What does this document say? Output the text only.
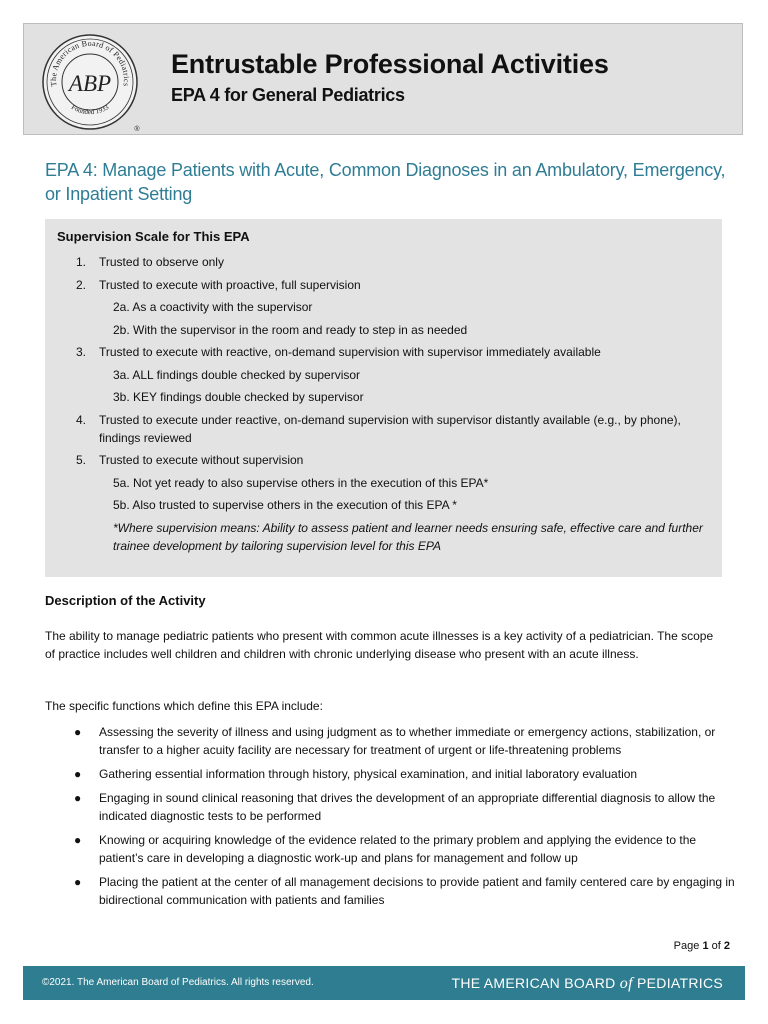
The American Board of Pediatrics
Founded 1933
ABP
®
Entrustable Professional Activities
EPA 4 for General Pediatrics
EPA 4: Manage Patients with Acute, Common Diagnoses in an Ambulatory, Emergency, or Inpatient Setting
Supervision Scale for This EPA
1. Trusted to observe only
2. Trusted to execute with proactive, full supervision
2a. As a coactivity with the supervisor
2b. With the supervisor in the room and ready to step in as needed
3. Trusted to execute with reactive, on-demand supervision with supervisor immediately available
3a. ALL findings double checked by supervisor
3b. KEY findings double checked by supervisor
4. Trusted to execute under reactive, on-demand supervision with supervisor distantly available (e.g., by phone), findings reviewed
5. Trusted to execute without supervision
5a. Not yet ready to also supervise others in the execution of this EPA*
5b. Also trusted to supervise others in the execution of this EPA *
*Where supervision means: Ability to assess patient and learner needs ensuring safe, effective care and further trainee development by tailoring supervision level for this EPA
Description of the Activity
The ability to manage pediatric patients who present with common acute illnesses is a key activity of a pediatrician. The scope of practice includes well children and children with chronic underlying disease who present with an acute illness.
The specific functions which define this EPA include:
● Assessing the severity of illness and using judgment as to whether immediate or emergency actions, stabilization, or transfer to a higher acuity facility are necessary for treatment of urgent or life-threatening problems
● Gathering essential information through history, physical examination, and initial laboratory evaluation
● Engaging in sound clinical reasoning that drives the development of an appropriate differential diagnosis to allow the indicated diagnostic tests to be performed
● Knowing or acquiring knowledge of the evidence related to the primary problem and applying the evidence to the patient’s care in developing a diagnostic work-up and plans for management and follow up
● Placing the patient at the center of all management decisions to provide patient and family centered care by engaging in bidirectional communication with patients and families
Page 1 of 2
©2021. The American Board of Pediatrics. All rights reserved.	THE AMERICAN BOARD of PEDIATRICS
